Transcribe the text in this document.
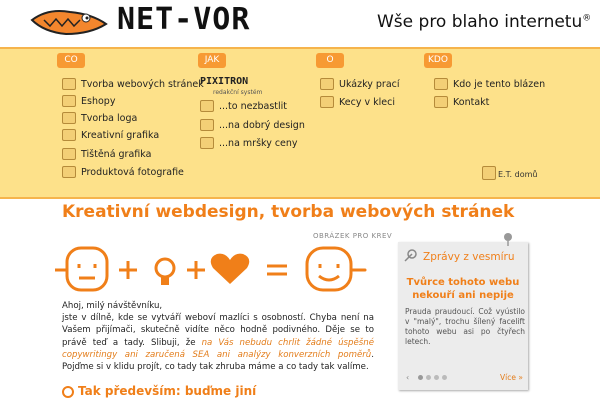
NET-VOR	Wše pro blaho internetu®
CO	JAK	O	KDO
Tvorba webových stránek
Eshopy
Tvorba loga
Kreativní grafika
Tištěná grafika
Produktová fotografie
PIXITRON
redakční systém
...to nezbastlit
...na dobrý design
...na mršky ceny
Ukázky prací
Kecy v kleci
Kdo je tento blázen
Kontakt
E.T. domů
Kreativní webdesign, tvorba webových stránek
OBRÁZEK PRO KREV
Ahoj, milý návštěvníku,
jste v dílně, kde se vytváří weboví mazlíci s osobností. Chyba není na Vašem přijímači, skutečně vidíte něco hodně podivného. Děje se to právě teď a tady. Slibuji, že na Vás nebudu chrlit žádné úspěšné copywritingy ani zaručená SEA ani analýzy konverzních poměrů. Pojďme si v klidu projít, co tady tak zhruba máme a co tady tak valíme.
Tak především: buďme jiní
Zprávy z vesmíru
Tvůrce tohoto webu nekouří ani nepije
Prauda praudoucí. Což vyústilo v "malý", trochu šílený facelift tohoto webu asi po čtyřech letech.
‹	Více »
